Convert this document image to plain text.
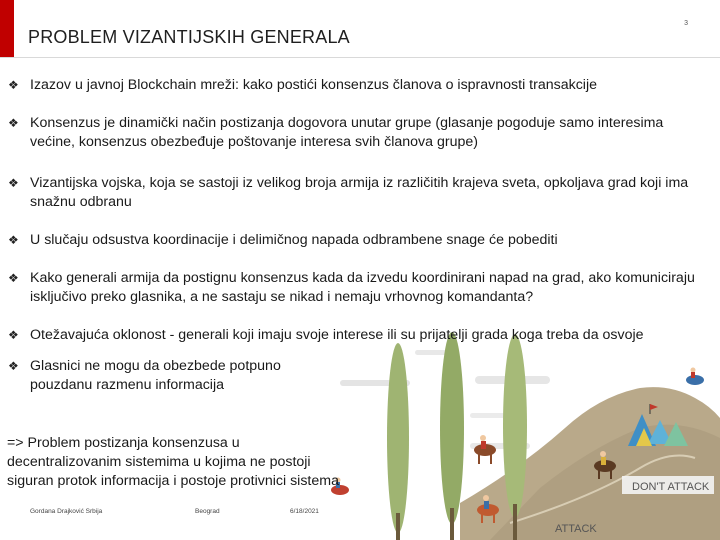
3
PROBLEM VIZANTIJSKIH GENERALA
❖ Izazov u javnoj Blockchain mreži: kako postići konsenzus članova o ispravnosti transakcije
❖ Konsenzus je dinamički način postizanja dogovora unutar grupe (glasanje pogoduje samo interesima većine, konsenzus obezbeđuje poštovanje interesa svih članova grupe)
❖ Vizantijska vojska, koja se sastoji iz velikog broja armija iz različitih krajeva sveta, opkoljava grad koji ima snažnu odbranu
❖ U slučaju odsustva koordinacije i delimičnog napada odbrambene snage će pobediti
❖ Kako generali armija da postignu konsenzus kada da izvedu koordinirani napad na grad, ako komuniciraju isključivo preko glasnika, a ne sastaju se nikad i nemaju vrhovnog komandanta?
❖ Otežavajuća oklonost - generali koji imaju svoje interese ili su prijatelji grada koga treba da osvoje
❖ Glasnici ne mogu da obezbede potpuno pouzdanu razmenu informacija
=> Problem postizanja konsenzusa u decentralizovanim sistemima u kojima ne postoji siguran protok informacija i postoje protivnici sistema	DON'T ATTACK
ATTACK
Gordana Drajković Srbija	Beograd	6/18/2021
